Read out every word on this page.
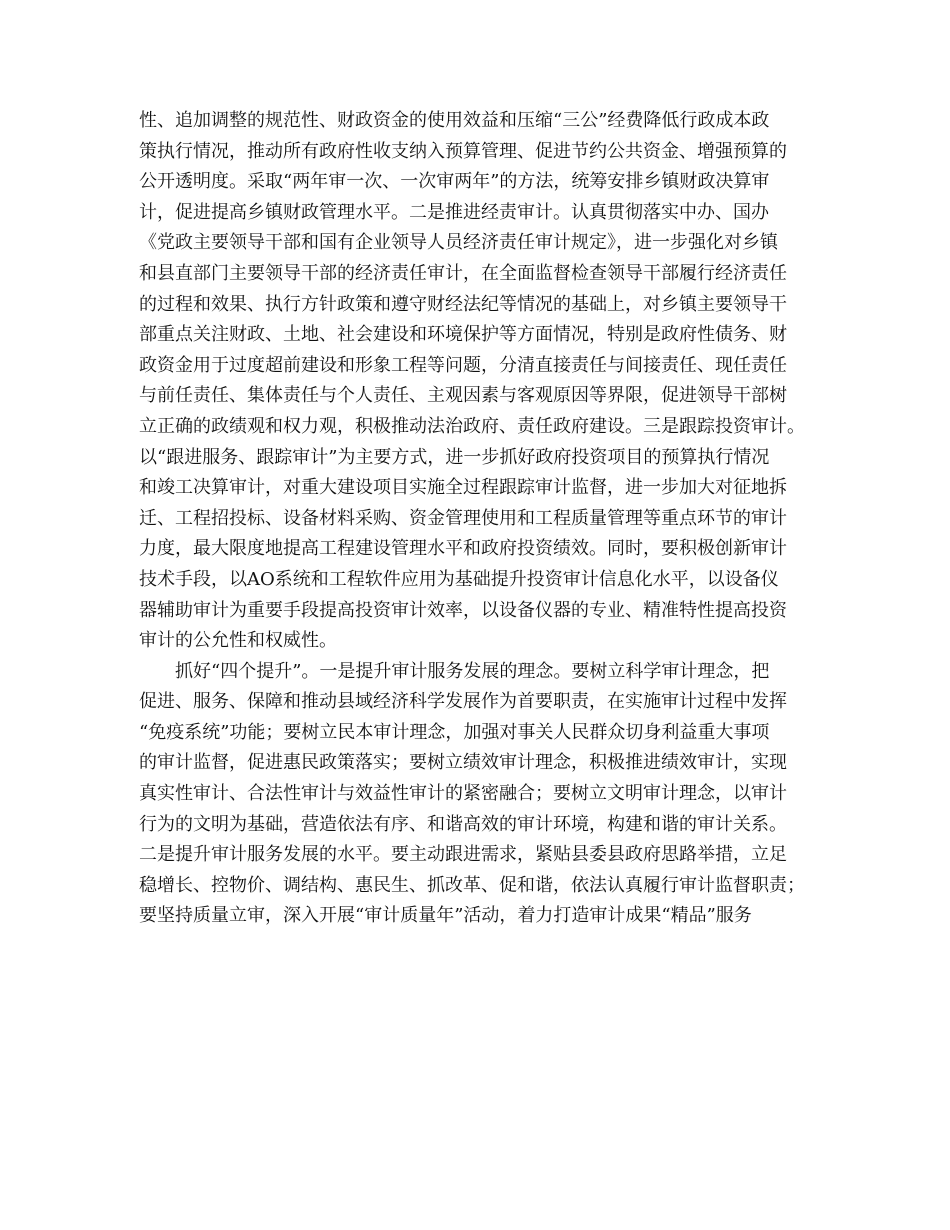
性、追加调整的规范性、财政资金的使用效益和压缩“三公”经费降低行政成本政
策执行情况，推动所有政府性收支纳入预算管理、促进节约公共资金、增强预算的
公开透明度。采取“两年审一次、一次审两年”的方法，统筹安排乡镇财政决算审
计，促进提高乡镇财政管理水平。二是推进经责审计。认真贯彻落实中办、国办
《党政主要领导干部和国有企业领导人员经济责任审计规定》，进一步强化对乡镇
和县直部门主要领导干部的经济责任审计，在全面监督检查领导干部履行经济责任
的过程和效果、执行方针政策和遵守财经法纪等情况的基础上，对乡镇主要领导干
部重点关注财政、土地、社会建设和环境保护等方面情况，特别是政府性债务、财
政资金用于过度超前建设和形象工程等问题，分清直接责任与间接责任、现任责任
与前任责任、集体责任与个人责任、主观因素与客观原因等界限，促进领导干部树
立正确的政绩观和权力观，积极推动法治政府、责任政府建设。三是跟踪投资审计。
以“跟进服务、跟踪审计”为主要方式，进一步抓好政府投资项目的预算执行情况
和竣工决算审计，对重大建设项目实施全过程跟踪审计监督，进一步加大对征地拆
迁、工程招投标、设备材料采购、资金管理使用和工程质量管理等重点环节的审计
力度，最大限度地提高工程建设管理水平和政府投资绩效。同时，要积极创新审计
技术手段，以AO系统和工程软件应用为基础提升投资审计信息化水平，以设备仪
器辅助审计为重要手段提高投资审计效率，以设备仪器的专业、精准特性提高投资
审计的公允性和权威性。
抓好“四个提升”。一是提升审计服务发展的理念。要树立科学审计理念，把
促进、服务、保障和推动县域经济科学发展作为首要职责，在实施审计过程中发挥
“免疫系统”功能；要树立民本审计理念，加强对事关人民群众切身利益重大事项
的审计监督，促进惠民政策落实；要树立绩效审计理念，积极推进绩效审计，实现
真实性审计、合法性审计与效益性审计的紧密融合；要树立文明审计理念，以审计
行为的文明为基础，营造依法有序、和谐高效的审计环境，构建和谐的审计关系。
二是提升审计服务发展的水平。要主动跟进需求，紧贴县委县政府思路举措，立足
稳增长、控物价、调结构、惠民生、抓改革、促和谐，依法认真履行审计监督职责；
要坚持质量立审，深入开展“审计质量年”活动，着力打造审计成果“精品”服务
